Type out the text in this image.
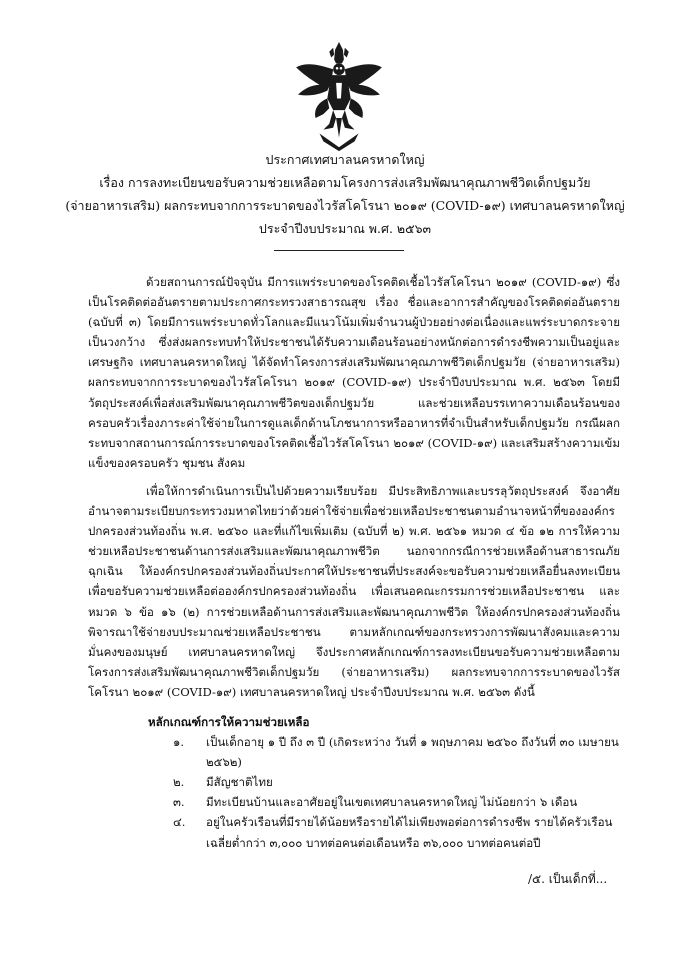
ประกาศเทศบาลนครหาดใหญ่
เรื่อง การลงทะเบียนขอรับความช่วยเหลือตามโครงการส่งเสริมพัฒนาคุณภาพชีวิตเด็กปฐมวัย
(จ่ายอาหารเสริม) ผลกระทบจากการระบาดของไวรัสโคโรนา ๒๐๑๙ (COVID-๑๙) เทศบาลนครหาดใหญ่
ประจำปีงบประมาณ พ.ศ. ๒๕๖๓

ด้วยสถานการณ์ปัจจุบัน มีการแพร่ระบาดของโรคติดเชื้อไวรัสโคโรนา ๒๐๑๙ (COVID-๑๙) ซึ่งเป็นโรคติดต่ออันตรายตามประกาศกระทรวงสาธารณสุข เรื่อง ชื่อและอาการสำคัญของโรคติดต่ออันตราย (ฉบับที่ ๓) โดยมีการแพร่ระบาดทั่วโลกและมีแนวโน้มเพิ่มจำนวนผู้ป่วยอย่างต่อเนื่องและแพร่ระบาดกระจายเป็นวงกว้าง ซึ่งส่งผลกระทบทำให้ประชาชนได้รับความเดือนร้อนอย่างหนักต่อการดำรงชีพความเป็นอยู่และเศรษฐกิจ เทศบาลนครหาดใหญ่ ได้จัดทำโครงการส่งเสริมพัฒนาคุณภาพชีวิตเด็กปฐมวัย (จ่ายอาหารเสริม) ผลกระทบจากการระบาดของไวรัสโคโรนา ๒๐๑๙ (COVID-๑๙) ประจำปีงบประมาณ พ.ศ. ๒๕๖๓ โดยมีวัตถุประสงค์เพื่อส่งเสริมพัฒนาคุณภาพชีวิตของเด็กปฐมวัย และช่วยเหลือบรรเทาความเดือนร้อนของครอบครัวเรื่องภาระค่าใช้จ่ายในการดูแลเด็กด้านโภชนาการหรืออาหารที่จำเป็นสำหรับเด็กปฐมวัย กรณีผลกระทบจากสถานการณ์การระบาดของโรคติดเชื้อไวรัสโคโรนา ๒๐๑๙ (COVID-๑๙) และเสริมสร้างความเข้มแข็งของครอบครัว ชุมชน สังคม

เพื่อให้การดำเนินการเป็นไปด้วยความเรียบร้อย มีประสิทธิภาพและบรรลุวัตถุประสงค์ จึงอาศัยอำนาจตามระเบียบกระทรวงมหาดไทยว่าด้วยค่าใช้จ่ายเพื่อช่วยเหลือประชาชนตามอำนาจหน้าที่ขององค์กรปกครองส่วนท้องถิ่น พ.ศ. ๒๕๖๐ และที่แก้ไขเพิ่มเติม (ฉบับที่ ๒) พ.ศ. ๒๕๖๑ หมวด ๔ ข้อ ๑๒ การให้ความช่วยเหลือประชาชนด้านการส่งเสริมและพัฒนาคุณภาพชีวิต นอกจากกรณีการช่วยเหลือด้านสาธารณภัยฉุกเฉิน ให้องค์กรปกครองส่วนท้องถิ่นประกาศให้ประชาชนที่ประสงค์จะขอรับความช่วยเหลือยื่นลงทะเบียนเพื่อขอรับความช่วยเหลือต่อองค์กรปกครองส่วนท้องถิ่น เพื่อเสนอคณะกรรมการช่วยเหลือประชาชน และหมวด ๖ ข้อ ๑๖ (๒) การช่วยเหลือด้านการส่งเสริมและพัฒนาคุณภาพชีวิต ให้องค์กรปกครองส่วนท้องถิ่นพิจารณาใช้จ่ายงบประมาณช่วยเหลือประชาชน ตามหลักเกณฑ์ของกระทรวงการพัฒนาสังคมและความมั่นคงของมนุษย์ เทศบาลนครหาดใหญ่ จึงประกาศหลักเกณฑ์การลงทะเบียนขอรับความช่วยเหลือตามโครงการส่งเสริมพัฒนาคุณภาพชีวิตเด็กปฐมวัย (จ่ายอาหารเสริม) ผลกระทบจากการระบาดของไวรัสโคโรนา ๒๐๑๙ (COVID-๑๙) เทศบาลนครหาดใหญ่ ประจำปีงบประมาณ พ.ศ. ๒๕๖๓ ดังนี้

หลักเกณฑ์การให้ความช่วยเหลือ
๑. เป็นเด็กอายุ ๑ ปี ถึง ๓ ปี (เกิดระหว่าง วันที่ ๑ พฤษภาคม ๒๕๖๐ ถึงวันที่ ๓๐ เมษายน ๒๕๖๒)
๒. มีสัญชาติไทย
๓. มีทะเบียนบ้านและอาศัยอยู่ในเขตเทศบาลนครหาดใหญ่ ไม่น้อยกว่า ๖ เดือน
๔. อยู่ในครัวเรือนที่มีรายได้น้อยหรือรายได้ไม่เพียงพอต่อการดำรงชีพ รายได้ครัวเรือนเฉลี่ยต่ำกว่า ๓,๐๐๐ บาทต่อคนต่อเดือนหรือ ๓๖,๐๐๐ บาทต่อคนต่อปี
/๕. เป็นเด็กที่...
